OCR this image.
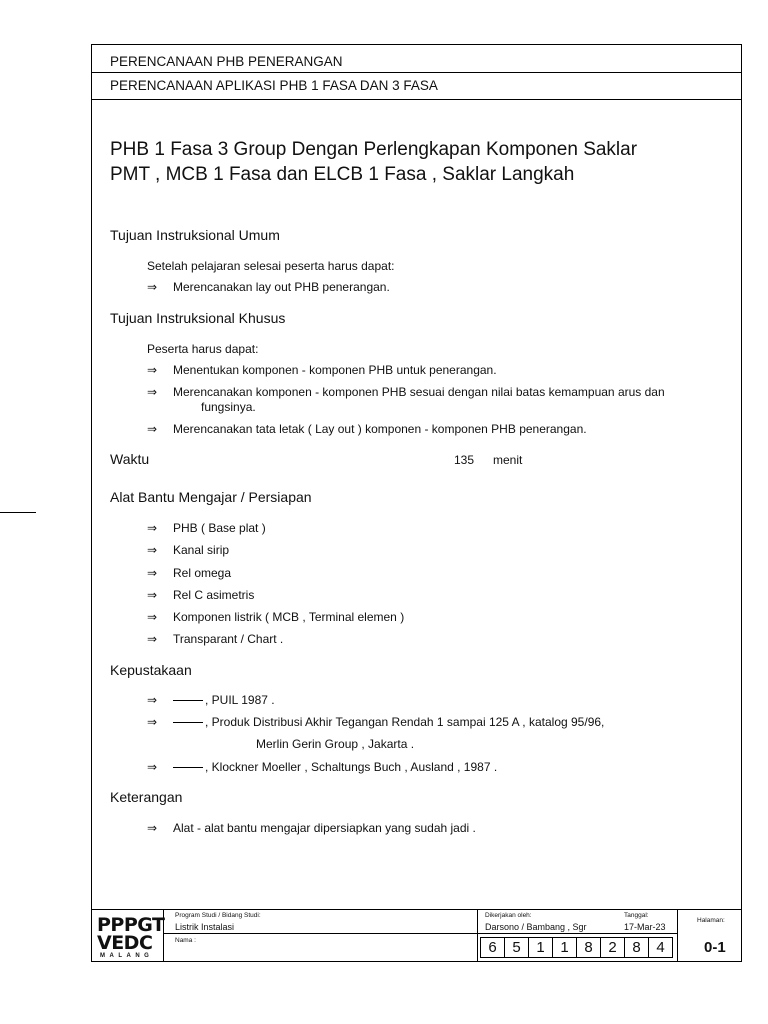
PERENCANAAN PHB PENERANGAN
PERENCANAAN APLIKASI PHB 1 FASA DAN 3 FASA
PHB 1 Fasa 3 Group Dengan Perlengkapan Komponen Saklar
PMT , MCB 1 Fasa dan ELCB 1 Fasa , Saklar Langkah
Tujuan Instruksional Umum
Setelah pelajaran selesai peserta harus dapat:
⇒	Merencanakan lay out PHB penerangan.
Tujuan Instruksional Khusus
Peserta harus dapat:
⇒	Menentukan komponen - komponen PHB untuk penerangan.
⇒	Merencanakan komponen - komponen PHB sesuai dengan nilai batas kemampuan arus dan
fungsinya.
⇒	Merencanakan tata letak ( Lay out ) komponen - komponen PHB penerangan.
Waktu	135 menit
Alat Bantu Mengajar / Persiapan
⇒	PHB ( Base plat )
⇒	Kanal sirip
⇒	Rel omega
⇒	Rel C asimetris
⇒	Komponen listrik ( MCB , Terminal elemen )
⇒	Transparant / Chart .
Kepustakaan
⇒	, PUIL 1987 .
⇒	, Produk Distribusi Akhir Tegangan Rendah 1 sampai 125 A , katalog 95/96,
Merlin Gerin Group , Jakarta .
⇒	, Klockner Moeller , Schaltungs Buch , Ausland , 1987 .
Keterangan
⇒	Alat - alat bantu mengajar dipersiapkan yang sudah jadi .
PPPGT
VEDC
MALANG
Program Studi / Bidang Studi:
Listrik Instalasi
Nama :
Dikerjakan oleh:
Darsono / Bambang , Sgr
Tanggal:
17-Mar-23
6	5	1	1	8	2	8	4
Halaman:
0-1
